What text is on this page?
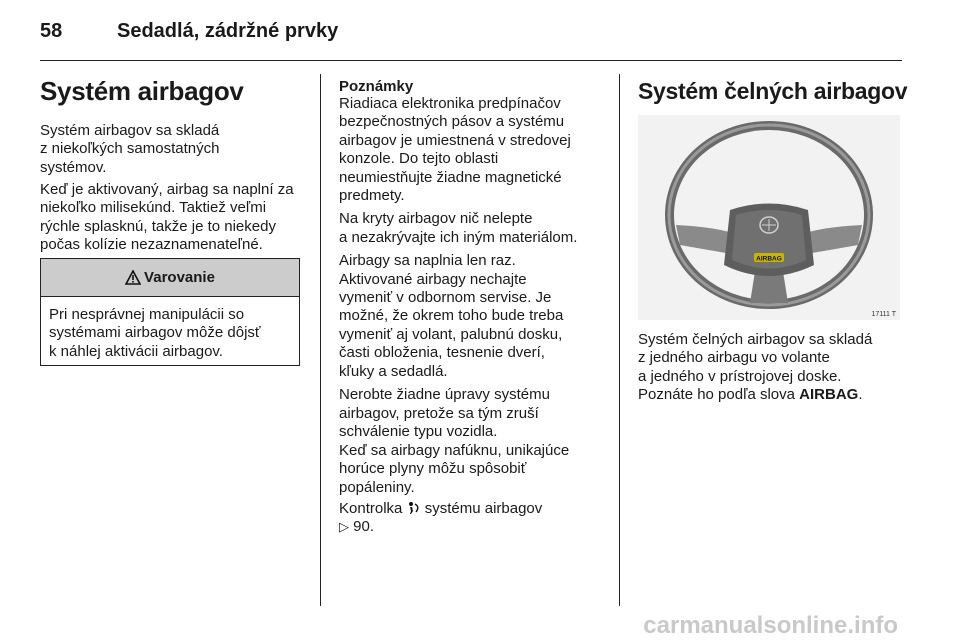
58	Sedadlá, zádržné prvky
Systém airbagov
Systém airbagov sa skladá
z niekoľkých samostatných
systémov.
Keď je aktivovaný, airbag sa naplní za
niekoľko milisekúnd. Taktiež veľmi
rýchle splasknú, takže je to niekedy
počas kolízie nezaznamenateľné.
Varovanie
Pri nesprávnej manipulácii so
systémami airbagov môže dôjsť
k náhlej aktivácii airbagov.
Poznámky
Riadiaca elektronika predpínačov
bezpečnostných pásov a systému
airbagov je umiestnená v stredovej
konzole. Do tejto oblasti
neumiestňujte žiadne magnetické
predmety.
Na kryty airbagov nič nelepte
a nezakrývajte ich iným materiálom.
Airbagy sa naplnia len raz.
Aktivované airbagy nechajte
vymeniť v odbornom servise. Je
možné, že okrem toho bude treba
vymeniť aj volant, palubnú dosku,
časti obloženia, tesnenie dverí,
kľuky a sedadlá.
Nerobte žiadne úpravy systému
airbagov, pretože sa tým zruší
schválenie typu vozidla.
Keď sa airbagy nafúknu, unikajúce
horúce plyny môžu spôsobiť
popáleniny.
Kontrolka systému airbagov
▷ 90.
Systém čelných airbagov
AIRBAG
17111 T
Systém čelných airbagov sa skladá
z jedného airbagu vo volante
a jedného v prístrojovej doske.
Poznáte ho podľa slova AIRBAG.
carmanualsonline.info
